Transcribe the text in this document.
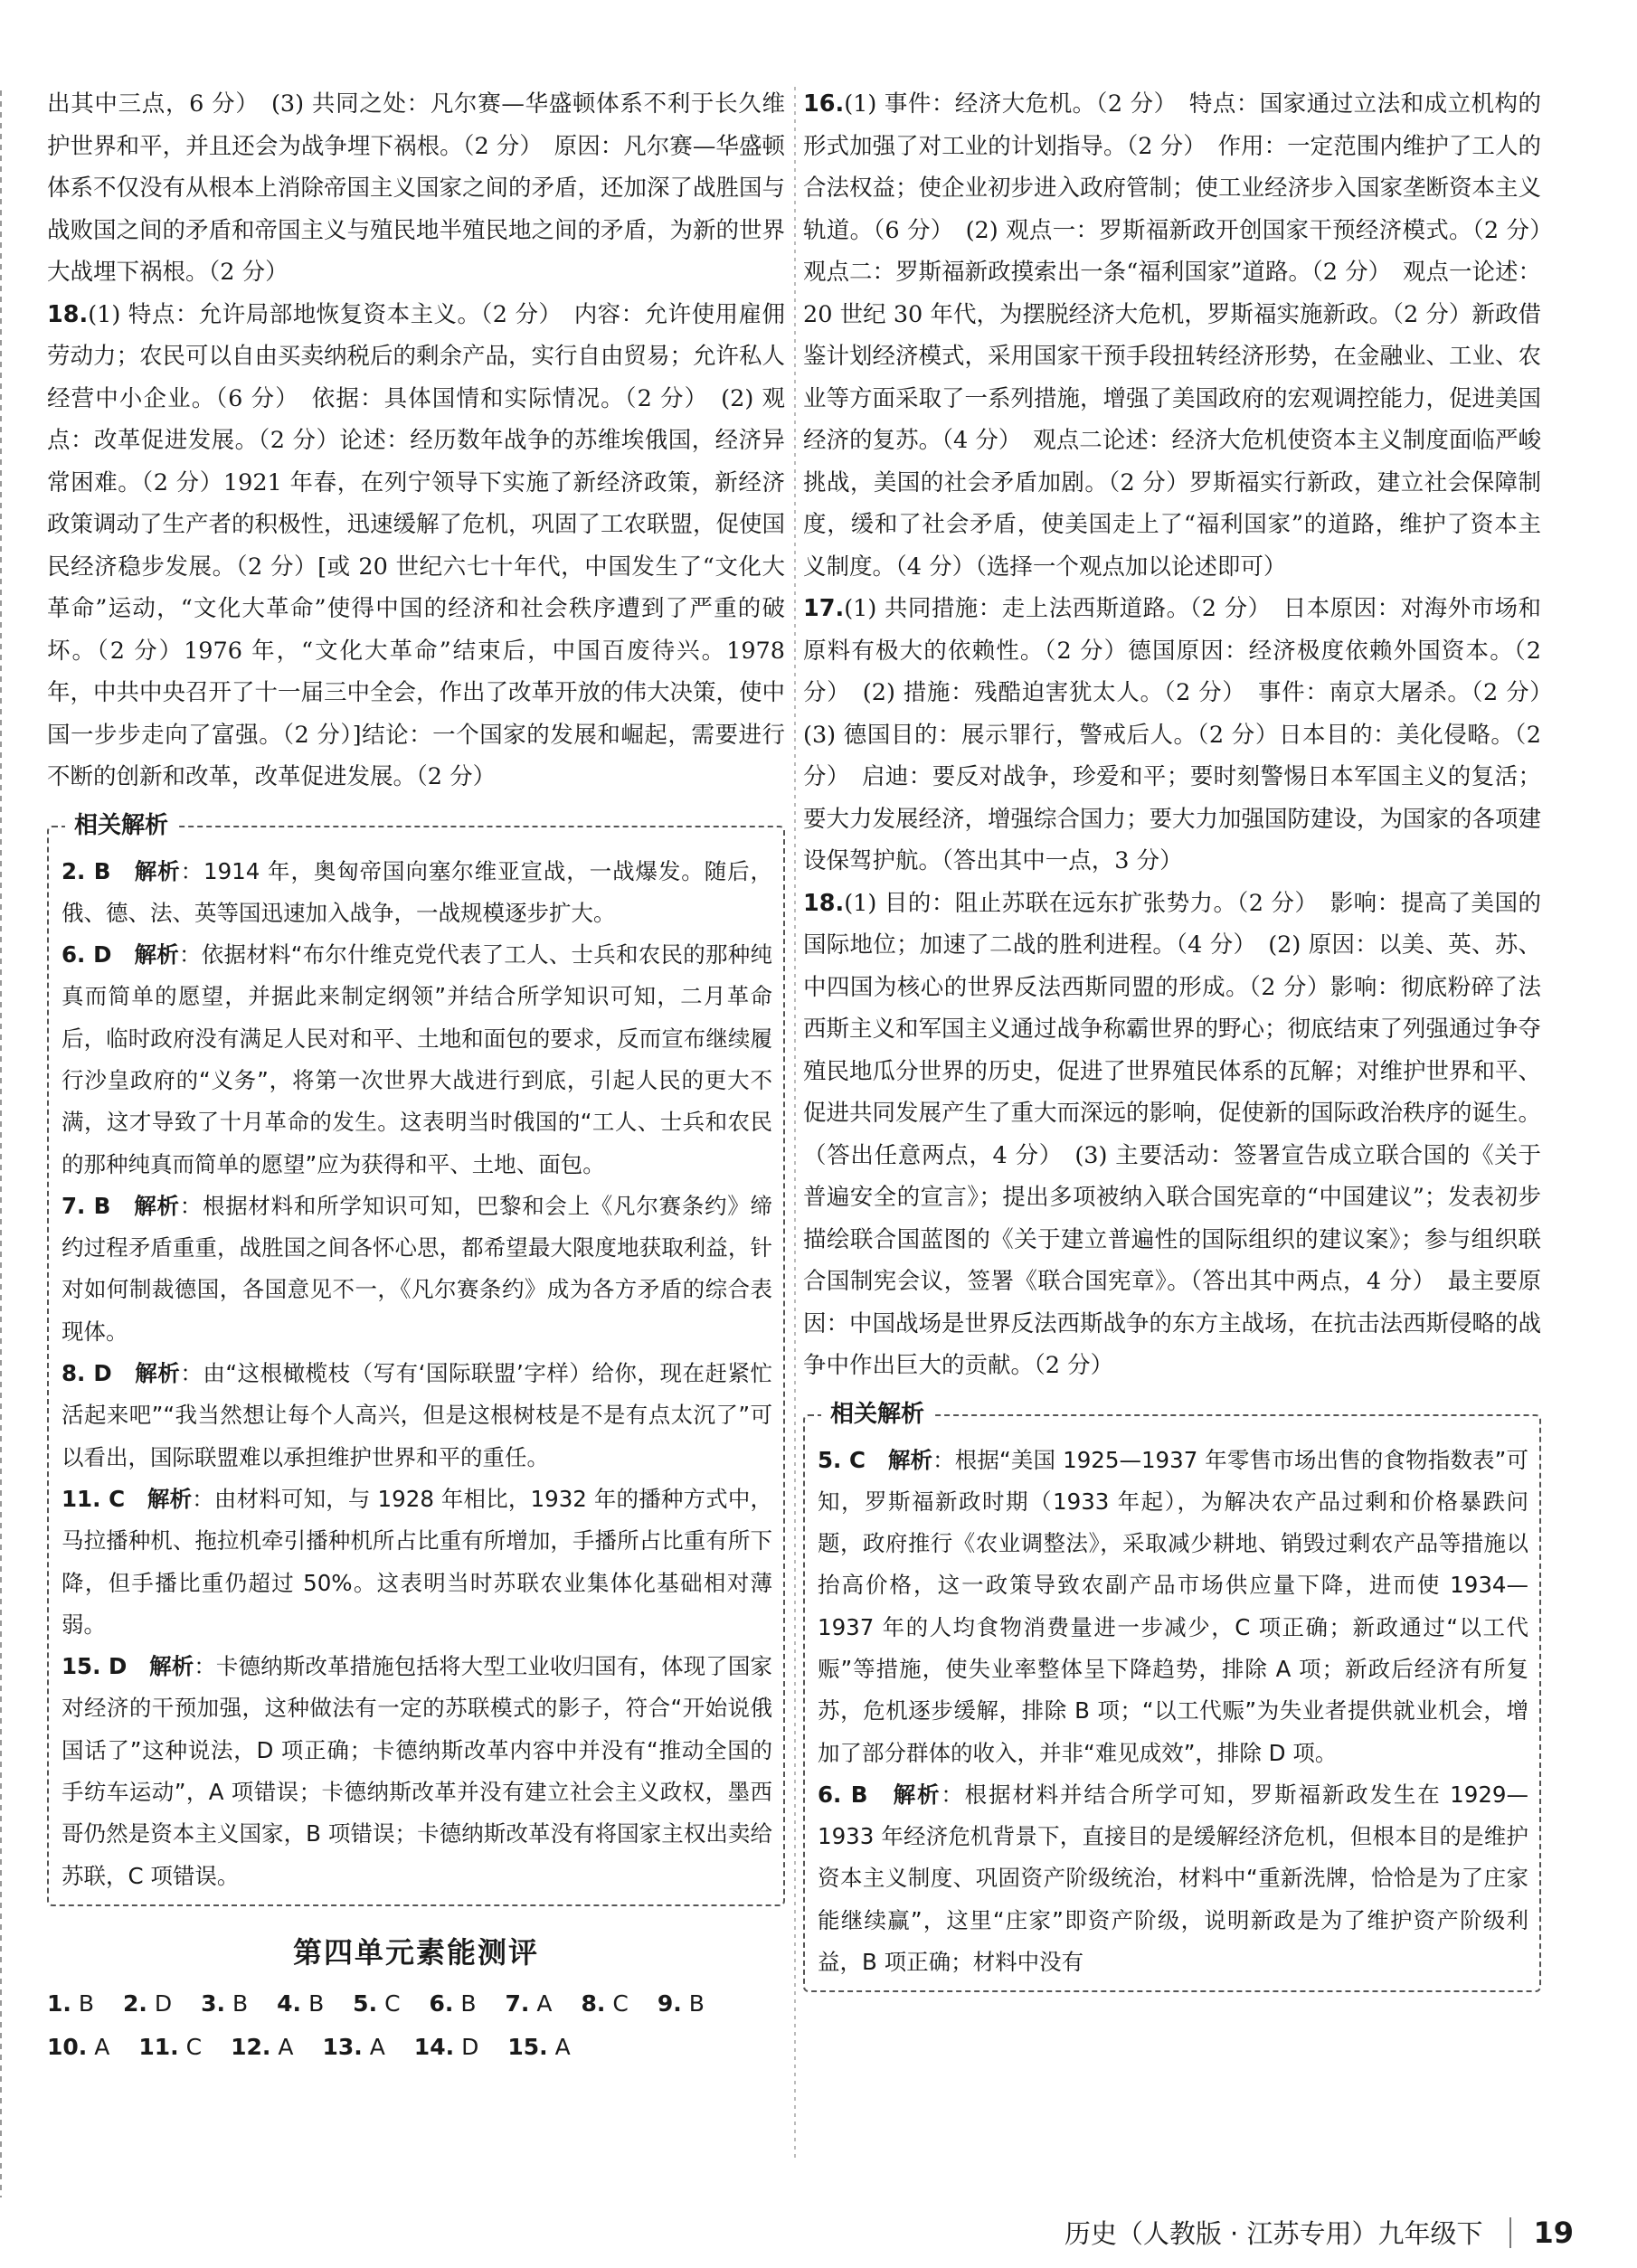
出其中三点，6 分）　(3) 共同之处：凡尔赛—华盛顿体系不利于长久维护世界和平，并且还会为战争埋下祸根。（2 分）　原因：凡尔赛—华盛顿体系不仅没有从根本上消除帝国主义国家之间的矛盾，还加深了战胜国与战败国之间的矛盾和帝国主义与殖民地半殖民地之间的矛盾，为新的世界大战埋下祸根。（2 分）

18.(1) 特点：允许局部地恢复资本主义。（2 分）　内容：允许使用雇佣劳动力；农民可以自由买卖纳税后的剩余产品，实行自由贸易；允许私人经营中小企业。（6 分）　依据：具体国情和实际情况。（2 分）　(2) 观点：改革促进发展。（2 分）论述：经历数年战争的苏维埃俄国，经济异常困难。（2 分）1921 年春，在列宁领导下实施了新经济政策，新经济政策调动了生产者的积极性，迅速缓解了危机，巩固了工农联盟，促使国民经济稳步发展。（2 分）[或 20 世纪六七十年代，中国发生了“文化大革命”运动，“文化大革命”使得中国的经济和社会秩序遭到了严重的破坏。（2 分）1976 年，“文化大革命”结束后，中国百废待兴。1978 年，中共中央召开了十一届三中全会，作出了改革开放的伟大决策，使中国一步步走向了富强。（2 分）]结论：一个国家的发展和崛起，需要进行不断的创新和改革，改革促进发展。（2 分）

相关解析

2. B　 解析：1914 年，奥匈帝国向塞尔维亚宣战，一战爆发。随后，俄、德、法、英等国迅速加入战争，一战规模逐步扩大。

6. D　 解析：依据材料“布尔什维克党代表了工人、士兵和农民的那种纯真而简单的愿望，并据此来制定纲领”并结合所学知识可知，二月革命后，临时政府没有满足人民对和平、土地和面包的要求，反而宣布继续履行沙皇政府的“义务”，将第一次世界大战进行到底，引起人民的更大不满，这才导致了十月革命的发生。这表明当时俄国的“工人、士兵和农民的那种纯真而简单的愿望”应为获得和平、土地、面包。

7. B　 解析：根据材料和所学知识可知，巴黎和会上《凡尔赛条约》缔约过程矛盾重重，战胜国之间各怀心思，都希望最大限度地获取利益，针对如何制裁德国，各国意见不一，《凡尔赛条约》成为各方矛盾的综合表现体。

8. D　 解析：由“这根橄榄枝（写有‘国际联盟’字样）给你，现在赶紧忙活起来吧”“我当然想让每个人高兴，但是这根树枝是不是有点太沉了”可以看出，国际联盟难以承担维护世界和平的重任。

11. C　 解析：由材料可知，与 1928 年相比，1932 年的播种方式中，马拉播种机、拖拉机牵引播种机所占比重有所增加，手播所占比重有所下降，但手播比重仍超过 50%。这表明当时苏联农业集体化基础相对薄弱。

15. D　 解析：卡德纳斯改革措施包括将大型工业收归国有，体现了国家对经济的干预加强，这种做法有一定的苏联模式的影子，符合“开始说俄国话了”这种说法，D 项正确；卡德纳斯改革内容中并没有“推动全国的手纺车运动”，A 项错误；卡德纳斯改革并没有建立社会主义政权，墨西哥仍然是资本主义国家，B 项错误；卡德纳斯改革没有将国家主权出卖给苏联，C 项错误。

第四单元素能测评
1. B 2. D 3. B 4. B 5. C 6. B 7. A 8. C 9. B
10. A 11. C 12. A 13. A 14. D 15. A

16.(1) 事件：经济大危机。（2 分）　特点：国家通过立法和成立机构的形式加强了对工业的计划指导。（2 分）　作用：一定范围内维护了工人的合法权益；使企业初步进入政府管制；使工业经济步入国家垄断资本主义轨道。（6 分）　(2) 观点一：罗斯福新政开创国家干预经济模式。（2 分）　观点二：罗斯福新政摸索出一条“福利国家”道路。（2 分）　观点一论述：20 世纪 30 年代，为摆脱经济大危机，罗斯福实施新政。（2 分）新政借鉴计划经济模式，采用国家干预手段扭转经济形势，在金融业、工业、农业等方面采取了一系列措施，增强了美国政府的宏观调控能力，促进美国经济的复苏。（4 分）　观点二论述：经济大危机使资本主义制度面临严峻挑战，美国的社会矛盾加剧。（2 分）罗斯福实行新政，建立社会保障制度，缓和了社会矛盾，使美国走上了“福利国家”的道路，维护了资本主义制度。（4 分）（选择一个观点加以论述即可）

17.(1) 共同措施：走上法西斯道路。（2 分）　日本原因：对海外市场和原料有极大的依赖性。（2 分）德国原因：经济极度依赖外国资本。（2 分）　(2) 措施：残酷迫害犹太人。（2 分）　事件：南京大屠杀。（2 分）　(3) 德国目的：展示罪行，警戒后人。（2 分）日本目的：美化侵略。（2 分）　启迪：要反对战争，珍爱和平；要时刻警惕日本军国主义的复活；要大力发展经济，增强综合国力；要大力加强国防建设，为国家的各项建设保驾护航。（答出其中一点，3 分）

18.(1) 目的：阻止苏联在远东扩张势力。（2 分）　影响：提高了美国的国际地位；加速了二战的胜利进程。（4 分）　(2) 原因：以美、英、苏、中四国为核心的世界反法西斯同盟的形成。（2 分）影响：彻底粉碎了法西斯主义和军国主义通过战争称霸世界的野心；彻底结束了列强通过争夺殖民地瓜分世界的历史，促进了世界殖民体系的瓦解；对维护世界和平、促进共同发展产生了重大而深远的影响，促使新的国际政治秩序的诞生。（答出任意两点，4 分）　(3) 主要活动：签署宣告成立联合国的《关于普遍安全的宣言》；提出多项被纳入联合国宪章的“中国建议”；发表初步描绘联合国蓝图的《关于建立普遍性的国际组织的建议案》；参与组织联合国制宪会议，签署《联合国宪章》。（答出其中两点，4 分）　最主要原因：中国战场是世界反法西斯战争的东方主战场，在抗击法西斯侵略的战争中作出巨大的贡献。（2 分）

相关解析

5. C　 解析：根据“美国 1925—1937 年零售市场出售的食物指数表”可知，罗斯福新政时期（1933 年起），为解决农产品过剩和价格暴跌问题，政府推行《农业调整法》，采取减少耕地、销毁过剩农产品等措施以抬高价格，这一政策导致农副产品市场供应量下降，进而使 1934—1937 年的人均食物消费量进一步减少，C 项正确；新政通过“以工代赈”等措施，使失业率整体呈下降趋势，排除 A 项；新政后经济有所复苏，危机逐步缓解，排除 B 项；“以工代赈”为失业者提供就业机会，增加了部分群体的收入，并非“难见成效”，排除 D 项。

6. B　 解析：根据材料并结合所学可知，罗斯福新政发生在 1929—1933 年经济危机背景下，直接目的是缓解经济危机，但根本目的是维护资本主义制度、巩固资产阶级统治，材料中“重新洗牌，恰恰是为了庄家能继续赢”，这里“庄家”即资产阶级，说明新政是为了维护资产阶级利益，B 项正确；材料中没有

历史（人教版 · 江苏专用）九年级下 19
